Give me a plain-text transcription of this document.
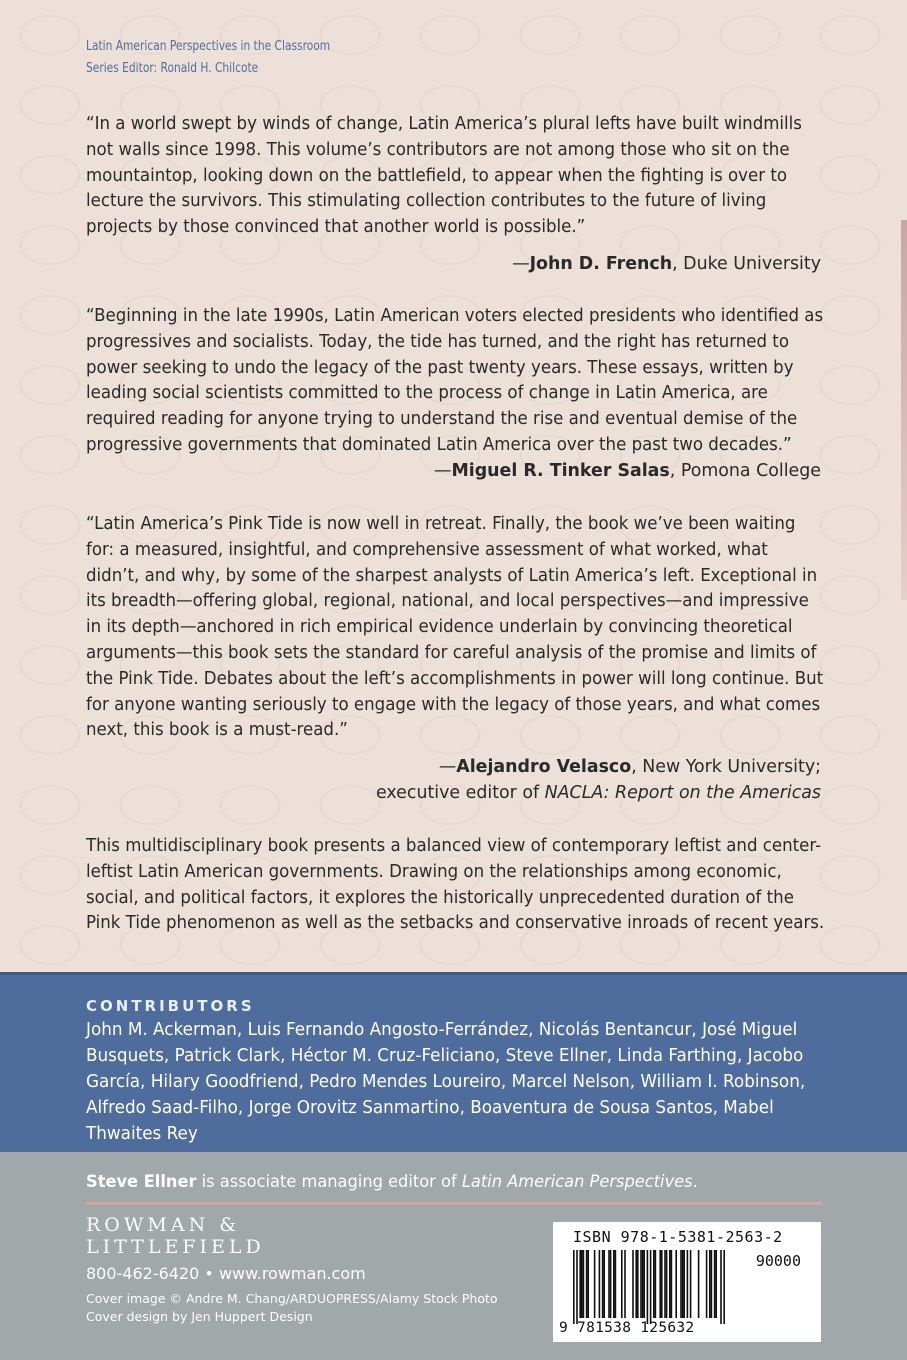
Latin American Perspectives in the Classroom
Series Editor: Ronald H. Chilcote

“In a world swept by winds of change, Latin America’s plural lefts have built windmills not walls since 1998. This volume’s contributors are not among those who sit on the mountaintop, looking down on the battlefield, to appear when the fighting is over to lecture the survivors. This stimulating collection contributes to the future of living projects by those convinced that another world is possible.”

—John D. French, Duke University

“Beginning in the late 1990s, Latin American voters elected presidents who identified as progressives and socialists. Today, the tide has turned, and the right has returned to power seeking to undo the legacy of the past twenty years. These essays, written by leading social scientists committed to the process of change in Latin America, are required reading for anyone trying to understand the rise and eventual demise of the progressive governments that dominated Latin America over the past two decades.”

—Miguel R. Tinker Salas, Pomona College

“Latin America’s Pink Tide is now well in retreat. Finally, the book we’ve been waiting for: a measured, insightful, and comprehensive assessment of what worked, what didn’t, and why, by some of the sharpest analysts of Latin America’s left. Exceptional in its breadth—offering global, regional, national, and local perspectives—and impressive in its depth—anchored in rich empirical evidence underlain by convincing theoretical arguments—this book sets the standard for careful analysis of the promise and limits of the Pink Tide. Debates about the left’s accomplishments in power will long continue. But for anyone wanting seriously to engage with the legacy of those years, and what comes next, this book is a must-read.”

—Alejandro Velasco, New York University;
executive editor of NACLA: Report on the Americas

This multidisciplinary book presents a balanced view of contemporary leftist and center-leftist Latin American governments. Drawing on the relationships among economic, social, and political factors, it explores the historically unprecedented duration of the Pink Tide phenomenon as well as the setbacks and conservative inroads of recent years.

CONTRIBUTORS
John M. Ackerman, Luis Fernando Angosto-Ferrández, Nicolás Bentancur, José Miguel Busquets, Patrick Clark, Héctor M. Cruz-Feliciano, Steve Ellner, Linda Farthing, Jacobo García, Hilary Goodfriend, Pedro Mendes Loureiro, Marcel Nelson, William I. Robinson, Alfredo Saad-Filho, Jorge Orovitz Sanmartino, Boaventura de Sousa Santos, Mabel Thwaites Rey
Steve Ellner is associate managing editor of Latin American Perspectives.
ROWMAN &
LITTLEFIELD
800-462-6420 • www.rowman.com
Cover image © Andre M. Chang/ARDUOPRESS/Alamy Stock Photo
Cover design by Jen Huppert Design
ISBN 978-1-5381-2563-2
90000
9 781538 125632
